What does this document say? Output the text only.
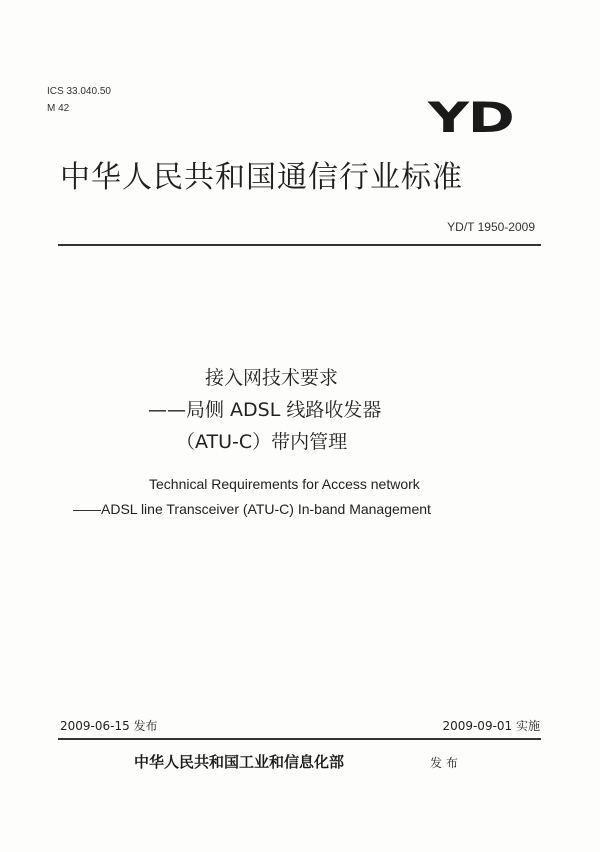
ICS 33.040.50
M 42	YD
中华人民共和国通信行业标准
YD/T 1950-2009
接入网技术要求
——局侧 ADSL 线路收发器
（ATU-C）带内管理
Technical Requirements for Access network
——ADSL line Transceiver (ATU-C) In-band Management
2009-06-15 发布	2009-09-01 实施
中华人民共和国工业和信息化部	发 布
